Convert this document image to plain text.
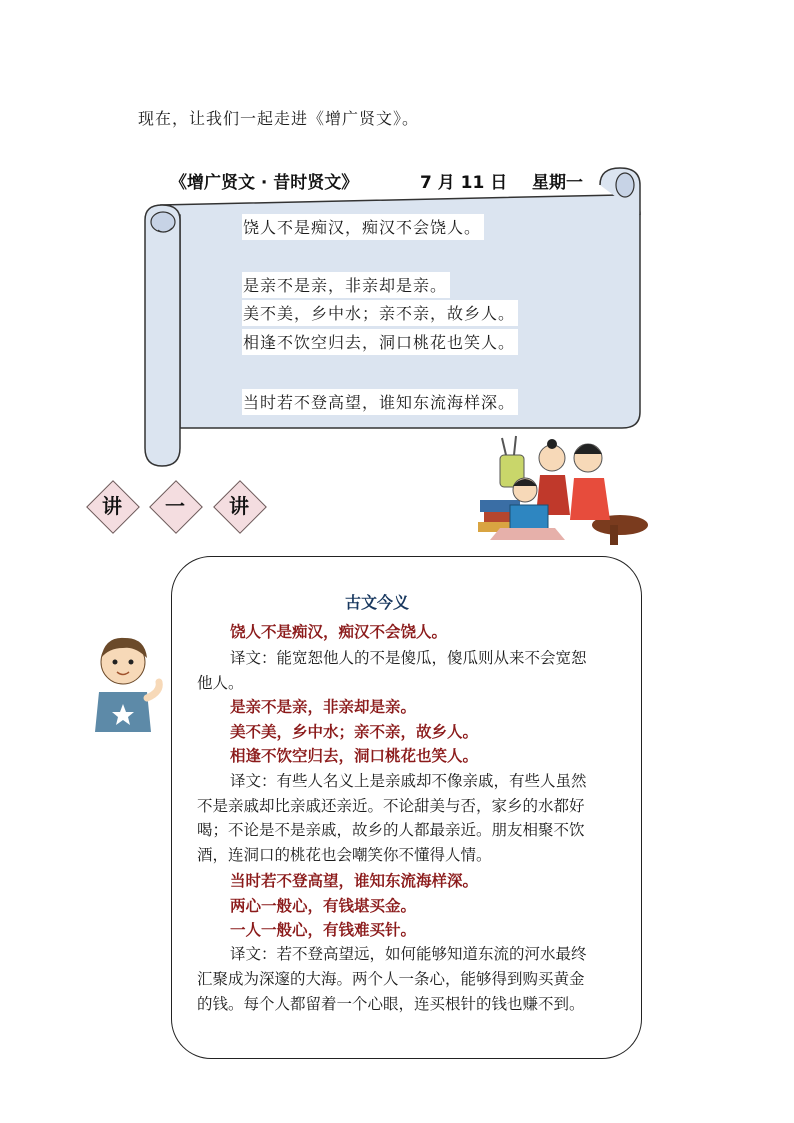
现在，让我们一起走进《增广贤文》。
《增广贤文 · 昔时贤文》	7 月 11 日 星期一
饶人不是痴汉，痴汉不会饶人。
是亲不是亲，非亲却是亲。
美不美，乡中水；亲不亲，故乡人。
相逢不饮空归去，洞口桃花也笑人。
当时若不登高望，谁知东流海样深。
讲	一	讲
古文今义
饶人不是痴汉，痴汉不会饶人。
译文：能宽恕他人的不是傻瓜，傻瓜则从来不会宽恕
他人。
是亲不是亲，非亲却是亲。
美不美，乡中水；亲不亲，故乡人。
相逢不饮空归去，洞口桃花也笑人。
译文：有些人名义上是亲戚却不像亲戚，有些人虽然
不是亲戚却比亲戚还亲近。不论甜美与否，家乡的水都好
喝；不论是不是亲戚，故乡的人都最亲近。朋友相聚不饮
酒，连洞口的桃花也会嘲笑你不懂得人情。
当时若不登高望，谁知东流海样深。
两心一般心，有钱堪买金。
一人一般心，有钱难买针。
译文：若不登高望远，如何能够知道东流的河水最终
汇聚成为深邃的大海。两个人一条心，能够得到购买黄金
的钱。每个人都留着一个心眼，连买根针的钱也赚不到。
